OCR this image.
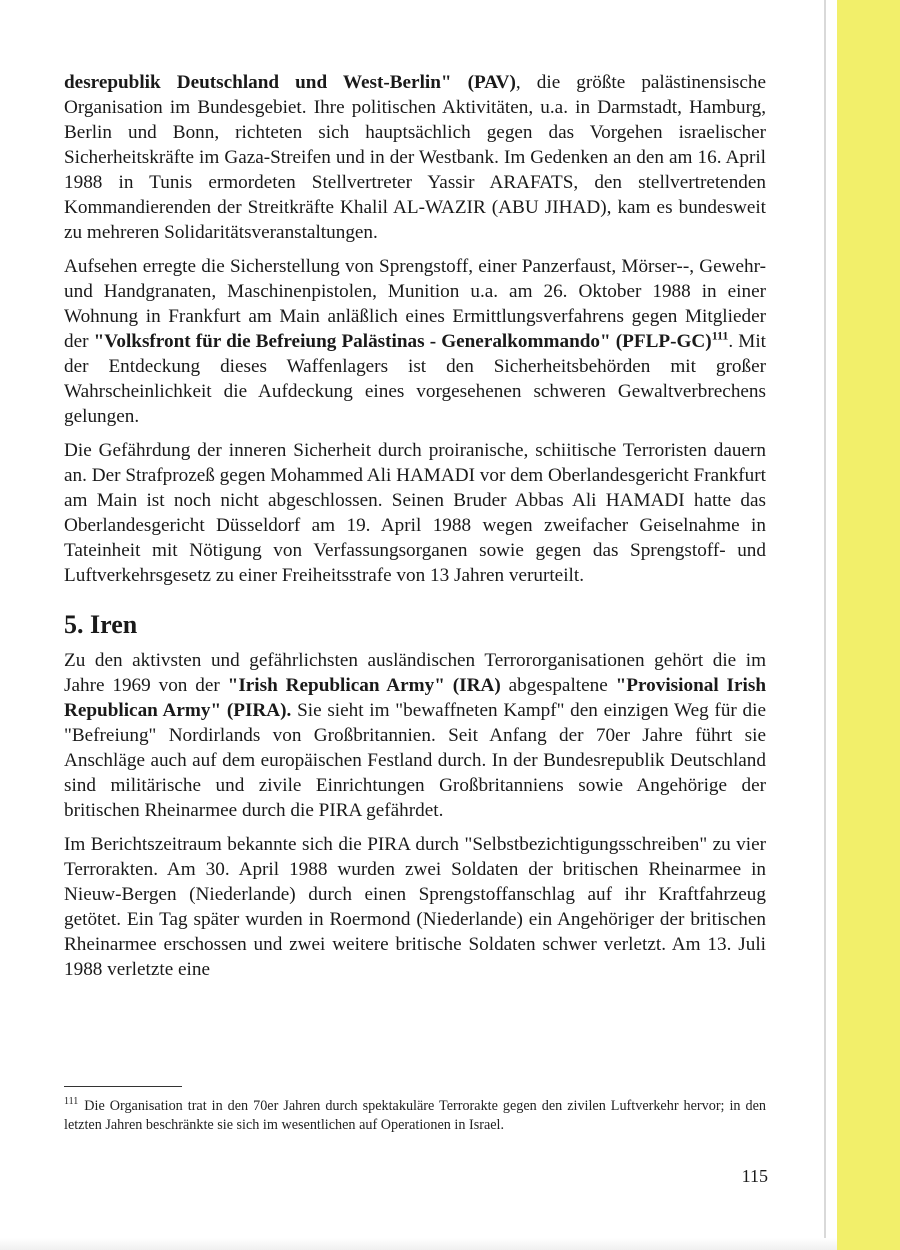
desrepublik Deutschland und West-Berlin" (PAV), die größte palästinensische Organisation im Bundesgebiet. Ihre politischen Aktivitäten, u.a. in Darmstadt, Hamburg, Berlin und Bonn, richteten sich hauptsächlich gegen das Vorgehen israelischer Sicherheitskräfte im Gaza-Streifen und in der Westbank. Im Gedenken an den am 16. April 1988 in Tunis ermordeten Stellvertreter Yassir ARAFATS, den stellvertretenden Kommandierenden der Streitkräfte Khalil AL-WAZIR (ABU JIHAD), kam es bundesweit zu mehreren Solidaritätsveranstaltungen.

Aufsehen erregte die Sicherstellung von Sprengstoff, einer Panzerfaust, Mörser--, Gewehr- und Handgranaten, Maschinenpistolen, Munition u.a. am 26. Oktober 1988 in einer Wohnung in Frankfurt am Main anläßlich eines Ermittlungsverfahrens gegen Mitglieder der "Volksfront für die Befreiung Palästinas - Generalkommando" (PFLP-GC)$^{111}$. Mit der Entdeckung dieses Waffenlagers ist den Sicherheitsbehörden mit großer Wahrscheinlichkeit die Aufdeckung eines vorgesehenen schweren Gewaltverbrechens gelungen.

Die Gefährdung der inneren Sicherheit durch proiranische, schiitische Terroristen dauern an. Der Strafprozeß gegen Mohammed Ali HAMADI vor dem Oberlandesgericht Frankfurt am Main ist noch nicht abgeschlossen. Seinen Bruder Abbas Ali HAMADI hatte das Oberlandesgericht Düsseldorf am 19. April 1988 wegen zweifacher Geiselnahme in Tateinheit mit Nötigung von Verfassungsorganen sowie gegen das Sprengstoff- und Luftverkehrsgesetz zu einer Freiheitsstrafe von 13 Jahren verurteilt.

5. Iren

Zu den aktivsten und gefährlichsten ausländischen Terrororganisationen gehört die im Jahre 1969 von der "Irish Republican Army" (IRA) abgespaltene "Provisional Irish Republican Army" (PIRA). Sie sieht im "bewaffneten Kampf" den einzigen Weg für die "Befreiung" Nordirlands von Großbritannien. Seit Anfang der 70er Jahre führt sie Anschläge auch auf dem europäischen Festland durch. In der Bundesrepublik Deutschland sind militärische und zivile Einrichtungen Großbritanniens sowie Angehörige der britischen Rheinarmee durch die PIRA gefährdet.

Im Berichtszeitraum bekannte sich die PIRA durch "Selbstbezichtigungsschreiben" zu vier Terrorakten. Am 30. April 1988 wurden zwei Soldaten der britischen Rheinarmee in Nieuw-Bergen (Niederlande) durch einen Sprengstoffanschlag auf ihr Kraftfahrzeug getötet. Ein Tag später wurden in Roermond (Niederlande) ein Angehöriger der britischen Rheinarmee erschossen und zwei weitere britische Soldaten schwer verletzt. Am 13. Juli 1988 verletzte eine

$^{111}$ Die Organisation trat in den 70er Jahren durch spektakuläre Terrorakte gegen den zivilen Luftverkehr hervor; in den letzten Jahren beschränkte sie sich im wesentlichen auf Operationen in Israel.
115
